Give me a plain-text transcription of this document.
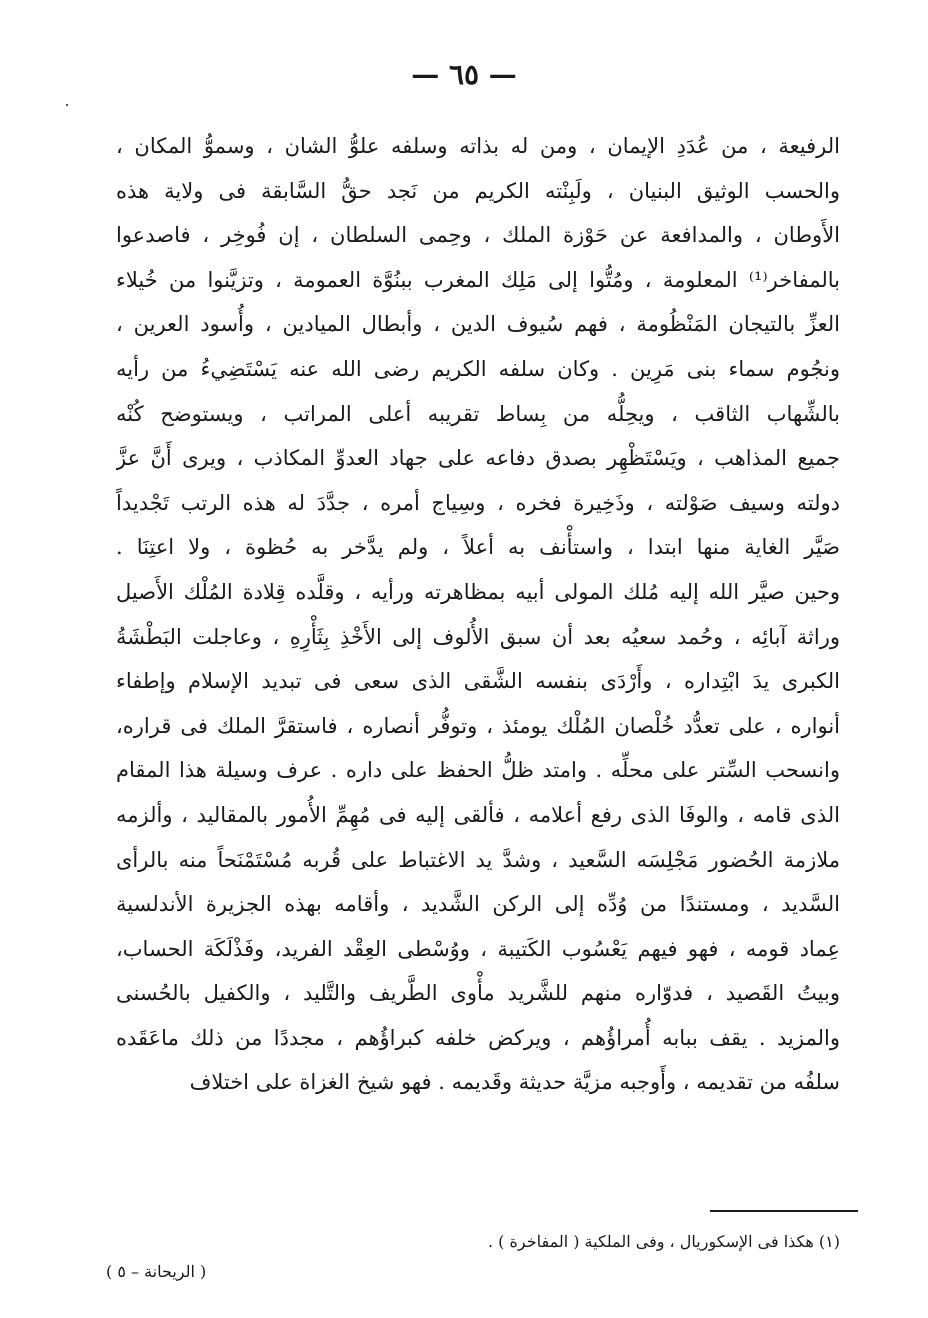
— ٦٥ —
الرفيعة ، من عُدَدِ الإيمان ، ومن له بذاته وسلفه علوُّ الشان ، وسموُّ المكان ،
والحسب الوثيق البنيان ، ولَبِنْته الكريم من نَجد حقُّ السَّابقة فى ولاية هذه
الأَوطان ، والمدافعة عن حَوْزة الملك ، وحِمى السلطان ، إن فُوخِر ، فاصدعوا
بالمفاخر⁽¹⁾ المعلومة ، ومُتُّوا إلى مَلِك المغرب ببنُوَّة العمومة ، وتزيَّنوا من خُيلاء
العزِّ بالتيجان المَنْظُومة ، فهم سُيوف الدين ، وأبطال الميادين ، وأُسود العرين ،
ونجُوم سماء بنى مَرِين . وكان سلفه الكريم رضى الله عنه يَسْتَضِيءُ من رأيه
بالشِّهاب الثاقب ، ويحِلُّه من بِساط تقريبه أعلى المراتب ، ويستوضح كُنْه
جميع المذاهب ، ويَسْتَظْهِر بصدق دفاعه على جهاد العدوِّ المكاذب ، ويرى أَنَّ عزَّ
دولته وسيف صَوْلته ، وذَخِيرة فخره ، وسِياج أمره ، جدَّدَ له هذه الرتب تَجْديداً
صَيَّر الغاية منها ابتدا ، واستأْنف به أعلاً ، ولم يدَّخر به حُظوة ، ولا اعتِنَا .
وحين صيَّر الله إليه مُلك المولى أبيه بمظاهرته ورأيه ، وقلَّده قِلادة المُلْك الأَصيل
وراثة آبائِه ، وحُمد سعيُه بعد أن سبق الأُلوف إلى الأَخْذِ بِثَأْرِهِ ، وعاجلت البَطْشَةُ
الكبرى يدَ ابْتِداره ، وأَرْدَى بنفسه الشَّقى الذى سعى فى تبديد الإسلام وإطفاء
أنواره ، على تعدُّد خُلْصان المُلْك يومئذ ، وتوفُّر أنصاره ، فاستقرَّ الملك فى قراره،
وانسحب السِّتر على محلِّه . وامتد ظلُّ الحفظ على داره . عرف وسيلة هذا المقام
الذى قامه ، والوفَا الذى رفع أعلامه ، فألقى إليه فى مُهِمِّ الأُمور بالمقاليد ، وألزمه
ملازمة الحُضور مَجْلِسَه السَّعيد ، وشدَّ يد الاغتباط على قُربه مُسْتَمْنَحاً منه بالرأى
السَّديد ، ومستندًا من وُدِّه إلى الركن الشَّديد ، وأقامه بهذه الجزيرة الأندلسية
عِماد قومه ، فهو فيهم يَعْسُوب الكَتيبة ، ووُسْطى العِقْد الفريد، وفَذْلَكَة الحساب،
وبيتُ القَصيد ، فدوّاره منهم للشَّريد مأْوى الطَّريف والتَّليد ، والكفيل بالحُسنى
والمزيد . يقف ببابه أُمراؤُهم ، ويركض خلفه كبراؤُهم ، مجددًا من ذلك ماعَقَده
سلفُه من تقديمه ، وأَوجبه مزيَّة حديثة وقَديمه . فهو شيخ الغزاة على اختلاف
(١) هكذا فى الإسكوريال ، وفى الملكية ( المفاخرة ) .
( الريحانة – ٥ )
